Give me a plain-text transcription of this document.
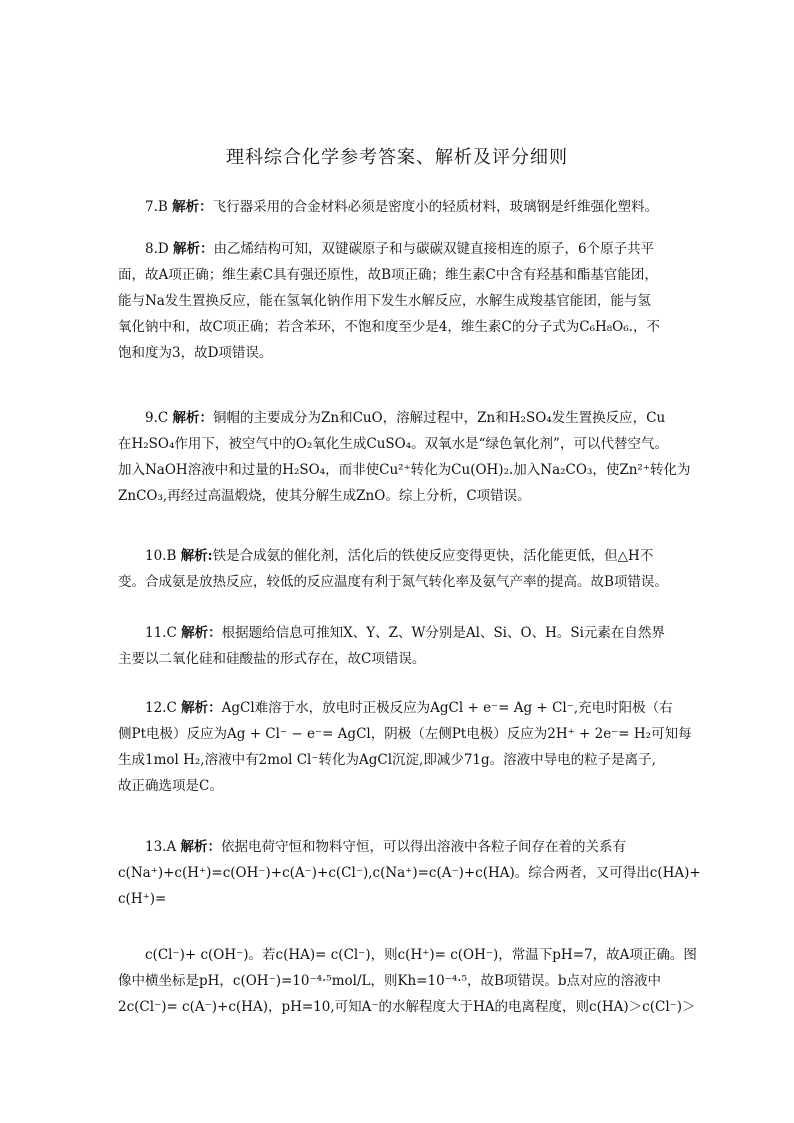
理科综合化学参考答案、解析及评分细则
7.B 解析：飞行器采用的合金材料必须是密度小的轻质材料，玻璃钢是纤维强化塑料。
8.D 解析：由乙烯结构可知，双键碳原子和与碳碳双键直接相连的原子，6个原子共平
面，故A项正确；维生素C具有强还原性，故B项正确；维生素C中含有羟基和酯基官能团，
能与Na发生置换反应，能在氢氧化钠作用下发生水解反应，水解生成羧基官能团，能与氢
氧化钠中和，故C项正确；若含苯环，不饱和度至少是4，维生素C的分子式为C₆H₈O₆.，不
饱和度为3，故D项错误。
9.C 解析：铜帽的主要成分为Zn和CuO，溶解过程中，Zn和H₂SO₄发生置换反应，Cu
在H₂SO₄作用下，被空气中的O₂氧化生成CuSO₄。双氧水是“绿色氧化剂”，可以代替空气。
加入NaOH溶液中和过量的H₂SO₄，而非使Cu²⁺转化为Cu(OH)₂.加入Na₂CO₃，使Zn²⁺转化为
ZnCO₃,再经过高温煅烧，使其分解生成ZnO。综上分析，C项错误。
10.B 解析:铁是合成氨的催化剂，活化后的铁使反应变得更快，活化能更低，但△H不
变。合成氨是放热反应，较低的反应温度有利于氮气转化率及氨气产率的提高。故B项错误。
11.C 解析：根据题给信息可推知X、Y、Z、W分别是Al、Si、O、H。Si元素在自然界
主要以二氧化硅和硅酸盐的形式存在，故C项错误。
12.C 解析：AgCl难溶于水，放电时正极反应为AgCl + e⁻= Ag + Cl⁻,充电时阳极（右
侧Pt电极）反应为Ag + Cl⁻ − e⁻= AgCl，阴极（左侧Pt电极）反应为2H⁺ + 2e⁻= H₂可知每
生成1mol H₂,溶液中有2mol Cl⁻转化为AgCl沉淀,即减少71g。溶液中导电的粒子是离子,
故正确选项是C。
13.A 解析：依据电荷守恒和物料守恒，可以得出溶液中各粒子间存在着的关系有
c(Na⁺)+c(H⁺)=c(OH⁻)+c(A⁻)+c(Cl⁻),c(Na⁺)=c(A⁻)+c(HA)。综合两者，又可得出c(HA)+
c(H⁺)=
c(Cl⁻)+ c(OH⁻)。若c(HA)= c(Cl⁻)，则c(H⁺)= c(OH⁻)，常温下pH=7，故A项正确。图
像中横坐标是pH，c(OH⁻)=10⁻⁴·⁵mol/L，则Kh=10⁻⁴·⁵，故B项错误。b点对应的溶液中
2c(Cl⁻)= c(A⁻)+c(HA)，pH=10,可知A⁻的水解程度大于HA的电离程度，则c(HA)＞c(Cl⁻)＞
